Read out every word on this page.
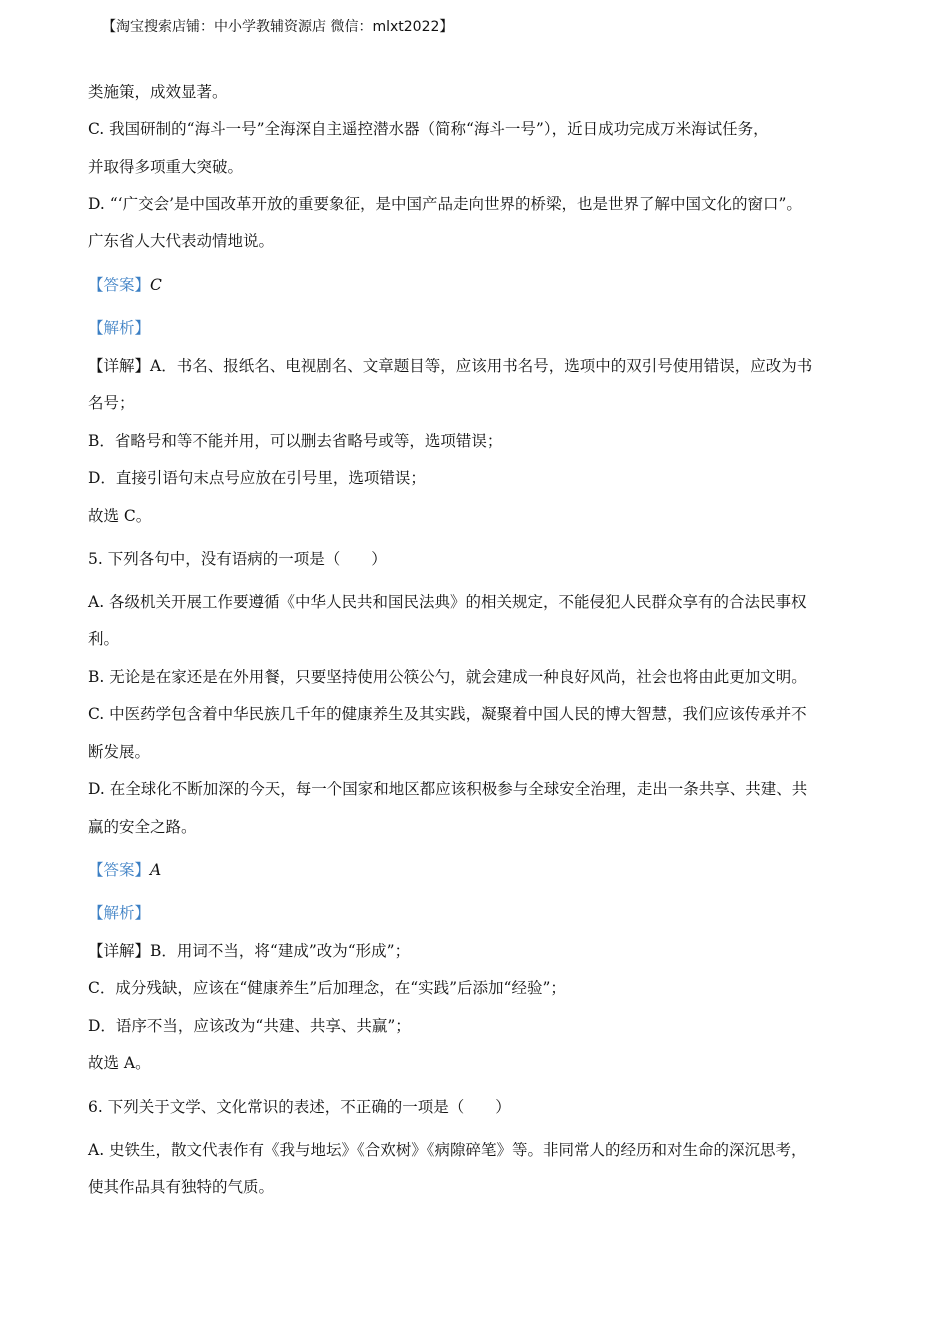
【淘宝搜索店铺：中小学教辅资源店 微信：mlxt2022】
类施策，成效显著。
C. 我国研制的“海斗一号”全海深自主遥控潜水器（简称“海斗一号”），近日成功完成万米海试任务，
并取得多项重大突破。
D. “‘广交会’是中国改革开放的重要象征，是中国产品走向世界的桥梁，也是世界了解中国文化的窗口”。
广东省人大代表动情地说。
【答案】C
【解析】
【详解】A．书名、报纸名、电视剧名、文章题目等，应该用书名号，选项中的双引号使用错误，应改为书
名号；
B．省略号和等不能并用，可以删去省略号或等，选项错误；
D．直接引语句末点号应放在引号里，选项错误；
故选 C。
5. 下列各句中，没有语病的一项是（　　）
A. 各级机关开展工作要遵循《中华人民共和国民法典》的相关规定，不能侵犯人民群众享有的合法民事权
利。
B. 无论是在家还是在外用餐，只要坚持使用公筷公勺，就会建成一种良好风尚，社会也将由此更加文明。
C. 中医药学包含着中华民族几千年的健康养生及其实践，凝聚着中国人民的博大智慧，我们应该传承并不
断发展。
D. 在全球化不断加深的今天，每一个国家和地区都应该积极参与全球安全治理，走出一条共享、共建、共
赢的安全之路。
【答案】A
【解析】
【详解】B．用词不当，将“建成”改为“形成”；
C．成分残缺，应该在“健康养生”后加理念，在“实践”后添加“经验”；
D．语序不当，应该改为“共建、共享、共赢”；
故选 A。
6. 下列关于文学、文化常识的表述，不正确的一项是（　　）
A. 史铁生，散文代表作有《我与地坛》《合欢树》《病隙碎笔》等。非同常人的经历和对生命的深沉思考，
使其作品具有独特的气质。
